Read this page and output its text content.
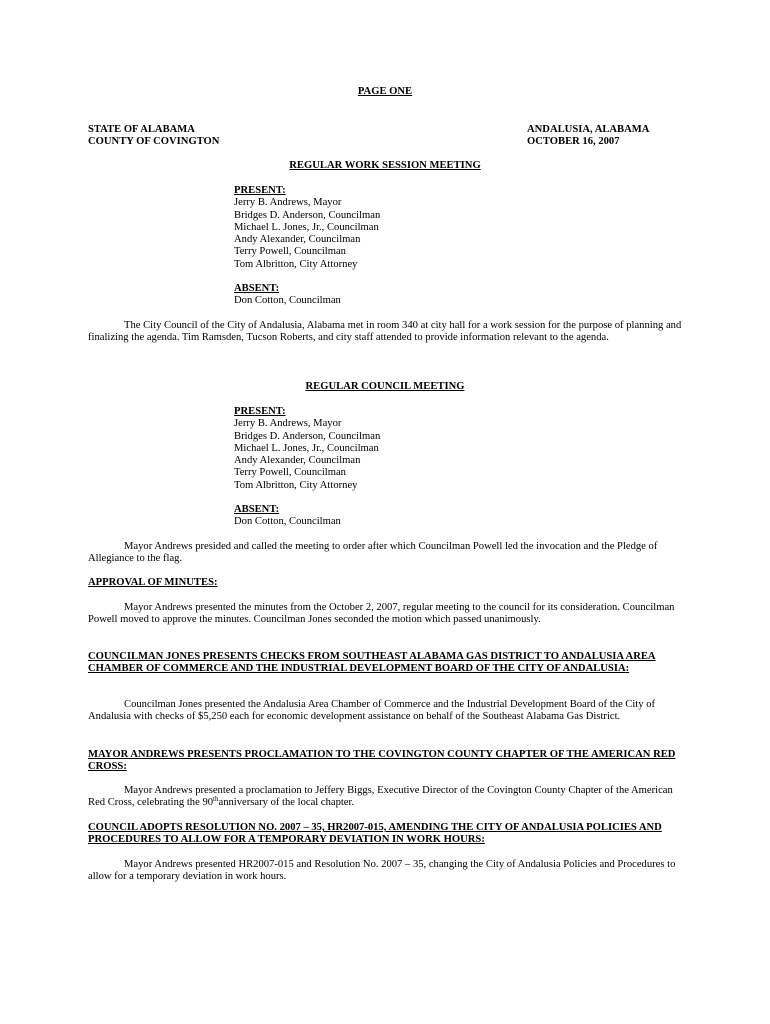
PAGE ONE
STATE OF ALABAMA
COUNTY OF COVINGTON
ANDALUSIA, ALABAMA
OCTOBER 16, 2007
REGULAR WORK SESSION MEETING
PRESENT:
Jerry B. Andrews, Mayor
Bridges D. Anderson, Councilman
Michael L. Jones, Jr., Councilman
Andy Alexander, Councilman
Terry Powell, Councilman
Tom Albritton, City Attorney
ABSENT:
Don Cotton, Councilman

The City Council of the City of Andalusia, Alabama met in room 340 at city hall for a work session for the purpose of planning and finalizing the agenda. Tim Ramsden, Tucson Roberts, and city staff attended to provide information relevant to the agenda.

REGULAR COUNCIL MEETING
PRESENT:
Jerry B. Andrews, Mayor
Bridges D. Anderson, Councilman
Michael L. Jones, Jr., Councilman
Andy Alexander, Councilman
Terry Powell, Councilman
Tom Albritton, City Attorney
ABSENT:
Don Cotton, Councilman

Mayor Andrews presided and called the meeting to order after which Councilman Powell led the invocation and the Pledge of Allegiance to the flag.

APPROVAL OF MINUTES:

Mayor Andrews presented the minutes from the October 2, 2007, regular meeting to the council for its consideration. Councilman Powell moved to approve the minutes. Councilman Jones seconded the motion which passed unanimously.

COUNCILMAN JONES PRESENTS CHECKS FROM SOUTHEAST ALABAMA GAS DISTRICT TO ANDALUSIA AREA CHAMBER OF COMMERCE AND THE INDUSTRIAL DEVELOPMENT BOARD OF THE CITY OF ANDALUSIA:

Councilman Jones presented the Andalusia Area Chamber of Commerce and the Industrial Development Board of the City of Andalusia with checks of $5,250 each for economic development assistance on behalf of the Southeast Alabama Gas District.

MAYOR ANDREWS PRESENTS PROCLAMATION TO THE COVINGTON COUNTY CHAPTER OF THE AMERICAN RED CROSS:

Mayor Andrews presented a proclamation to Jeffery Biggs, Executive Director of the Covington County Chapter of the American Red Cross, celebrating the 90thanniversary of the local chapter.

COUNCIL ADOPTS RESOLUTION NO. 2007 – 35, HR2007-015, AMENDING THE CITY OF ANDALUSIA POLICIES AND PROCEDURES TO ALLOW FOR A TEMPORARY DEVIATION IN WORK HOURS:

Mayor Andrews presented HR2007-015 and Resolution No. 2007 – 35, changing the City of Andalusia Policies and Procedures to allow for a temporary deviation in work hours.
